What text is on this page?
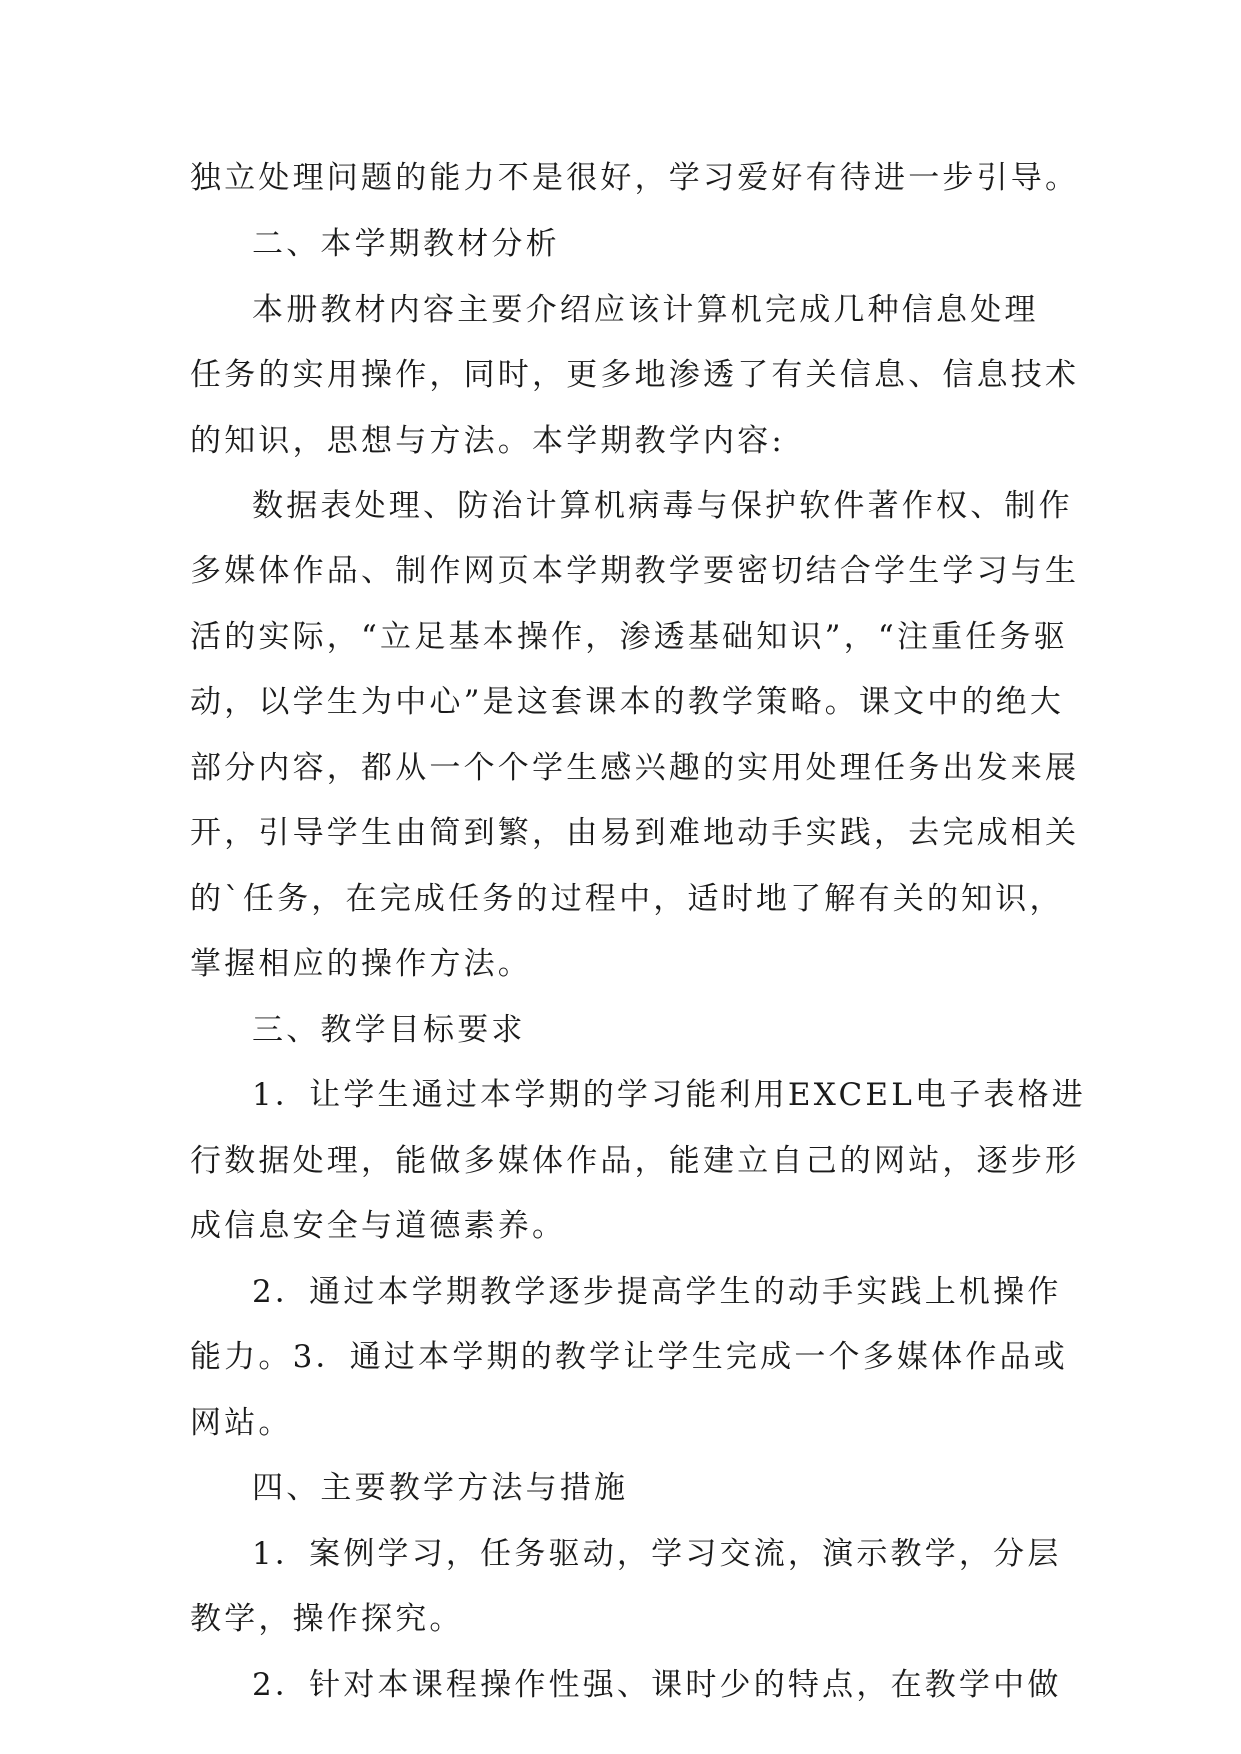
独立处理问题的能力不是很好，学习爱好有待进一步引导。
二、本学期教材分析
本册教材内容主要介绍应该计算机完成几种信息处理
任务的实用操作，同时，更多地渗透了有关信息、信息技术
的知识，思想与方法。本学期教学内容:
数据表处理、防治计算机病毒与保护软件著作权、制作
多媒体作品、制作网页本学期教学要密切结合学生学习与生
活的实际，“立足基本操作，渗透基础知识”，“注重任务驱
动，以学生为中心”是这套课本的教学策略。课文中的绝大
部分内容，都从一个个学生感兴趣的实用处理任务出发来展
开，引导学生由简到繁，由易到难地动手实践，去完成相关
的`任务，在完成任务的过程中，适时地了解有关的知识，
掌握相应的操作方法。
三、教学目标要求
1．让学生通过本学期的学习能利用EXCEL电子表格进
行数据处理，能做多媒体作品，能建立自己的网站，逐步形
成信息安全与道德素养。
2．通过本学期教学逐步提高学生的动手实践上机操作
能力。3．通过本学期的教学让学生完成一个多媒体作品或
网站。
四、主要教学方法与措施
1．案例学习，任务驱动，学习交流，演示教学，分层
教学，操作探究。
2．针对本课程操作性强、课时少的特点，在教学中做
